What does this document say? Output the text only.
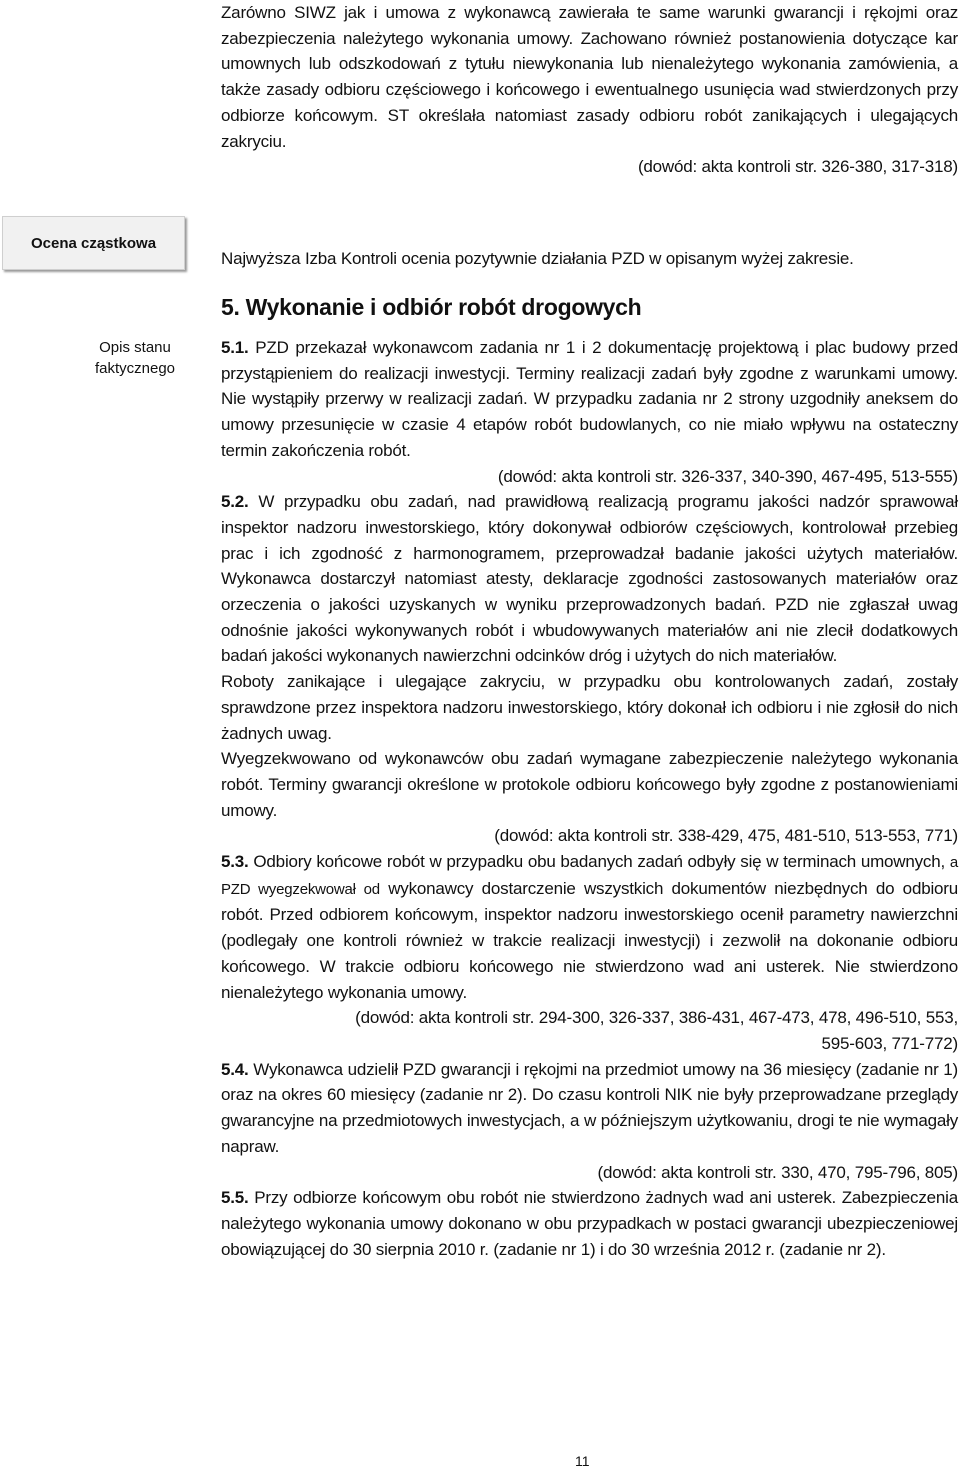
Zarówno SIWZ jak i umowa z wykonawcą zawierała te same warunki gwarancji i rękojmi oraz zabezpieczenia należytego wykonania umowy. Zachowano również postanowienia dotyczące kar umownych lub odszkodowań z tytułu niewykonania lub nienależytego wykonania zamówienia, a także zasady odbioru częściowego i końcowego i ewentualnego usunięcia wad stwierdzonych przy odbiorze końcowym. ST określała natomiast zasady odbioru robót zanikających i ulegających zakryciu.

(dowód: akta kontroli str. 326-380, 317-318)

Ocena cząstkowa
Opis stanu
faktycznego

Najwyższa Izba Kontroli ocenia pozytywnie działania PZD w opisanym wyżej zakresie.

5. Wykonanie i odbiór robót drogowych

5.1. PZD przekazał wykonawcom zadania nr 1 i 2 dokumentację projektową i plac budowy przed przystąpieniem do realizacji inwestycji. Terminy realizacji zadań były zgodne z warunkami umowy. Nie wystąpiły przerwy w realizacji zadań. W przypadku zadania nr 2 strony uzgodniły aneksem do umowy przesunięcie w czasie 4 etapów robót budowlanych, co nie miało wpływu na ostateczny termin zakończenia robót.

(dowód: akta kontroli str. 326-337, 340-390, 467-495, 513-555)

5.2. W przypadku obu zadań, nad prawidłową realizacją programu jakości nadzór sprawował inspektor nadzoru inwestorskiego, który dokonywał odbiorów częściowych, kontrolował przebieg prac i ich zgodność z harmonogramem, przeprowadzał badanie jakości użytych materiałów. Wykonawca dostarczył natomiast atesty, deklaracje zgodności zastosowanych materiałów oraz orzeczenia o jakości uzyskanych w wyniku przeprowadzonych badań. PZD nie zgłaszał uwag odnośnie jakości wykonywanych robót i wbudowywanych materiałów ani nie zlecił dodatkowych badań jakości wykonanych nawierzchni odcinków dróg i użytych do nich materiałów.

Roboty zanikające i ulegające zakryciu, w przypadku obu kontrolowanych zadań, zostały sprawdzone przez inspektora nadzoru inwestorskiego, który dokonał ich odbioru i nie zgłosił do nich żadnych uwag.

Wyegzekwowano od wykonawców obu zadań wymagane zabezpieczenie należytego wykonania robót. Terminy gwarancji określone w protokole odbioru końcowego były zgodne z postanowieniami umowy.

(dowód: akta kontroli str. 338-429, 475, 481-510, 513-553, 771)

5.3. Odbiory końcowe robót w przypadku obu badanych zadań odbyły się w terminach umownych, a PZD wyegzekwował od wykonawcy dostarczenie wszystkich dokumentów niezbędnych do odbioru robót. Przed odbiorem końcowym, inspektor nadzoru inwestorskiego ocenił parametry nawierzchni (podlegały one kontroli również w trakcie realizacji inwestycji) i zezwolił na dokonanie odbioru końcowego. W trakcie odbioru końcowego nie stwierdzono wad ani usterek. Nie stwierdzono nienależytego wykonania umowy.

(dowód: akta kontroli str. 294-300, 326-337, 386-431, 467-473, 478, 496-510, 553,
595-603, 771-772)

5.4. Wykonawca udzielił PZD gwarancji i rękojmi na przedmiot umowy na 36 miesięcy (zadanie nr 1) oraz na okres 60 miesięcy (zadanie nr 2). Do czasu kontroli NIK nie były przeprowadzane przeglądy gwarancyjne na przedmiotowych inwestycjach, a w późniejszym użytkowaniu, drogi te nie wymagały napraw.

(dowód: akta kontroli str. 330, 470, 795-796, 805)

5.5. Przy odbiorze końcowym obu robót nie stwierdzono żadnych wad ani usterek. Zabezpieczenia należytego wykonania umowy dokonano w obu przypadkach w postaci gwarancji ubezpieczeniowej obowiązującej do 30 sierpnia 2010 r. (zadanie nr 1) i do 30 września 2012 r. (zadanie nr 2).

11
